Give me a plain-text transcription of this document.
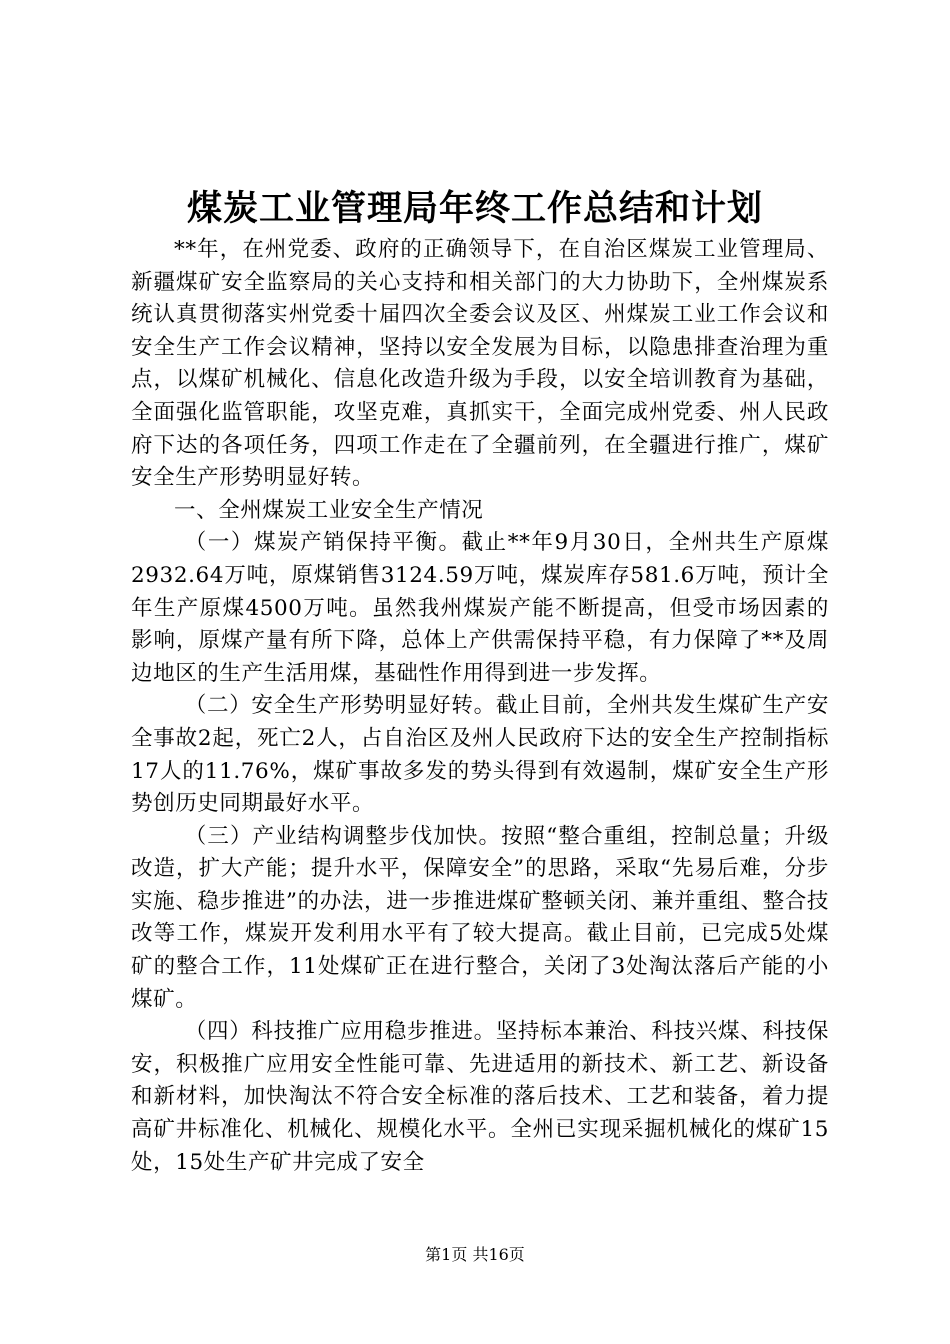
煤炭工业管理局年终工作总结和计划

**年，在州党委、政府的正确领导下，在自治区煤炭工业管理局、新疆煤矿安全监察局的关心支持和相关部门的大力协助下，全州煤炭系统认真贯彻落实州党委十届四次全委会议及区、州煤炭工业工作会议和安全生产工作会议精神，坚持以安全发展为目标，以隐患排查治理为重点，以煤矿机械化、信息化改造升级为手段，以安全培训教育为基础，全面强化监管职能，攻坚克难，真抓实干，全面完成州党委、州人民政府下达的各项任务，四项工作走在了全疆前列，在全疆进行推广，煤矿安全生产形势明显好转。

一、全州煤炭工业安全生产情况

（一）煤炭产销保持平衡。截止**年9月30日，全州共生产原煤2932.64万吨，原煤销售3124.59万吨，煤炭库存581.6万吨，预计全年生产原煤4500万吨。虽然我州煤炭产能不断提高，但受市场因素的影响，原煤产量有所下降，总体上产供需保持平稳，有力保障了**及周边地区的生产生活用煤，基础性作用得到进一步发挥。

（二）安全生产形势明显好转。截止目前，全州共发生煤矿生产安全事故2起，死亡2人，占自治区及州人民政府下达的安全生产控制指标17人的11.76%，煤矿事故多发的势头得到有效遏制，煤矿安全生产形势创历史同期最好水平。

（三）产业结构调整步伐加快。按照“整合重组，控制总量；升级改造，扩大产能；提升水平，保障安全”的思路，采取“先易后难，分步实施、稳步推进”的办法，进一步推进煤矿整顿关闭、兼并重组、整合技改等工作，煤炭开发利用水平有了较大提高。截止目前，已完成5处煤矿的整合工作，11处煤矿正在进行整合，关闭了3处淘汰落后产能的小煤矿。

（四）科技推广应用稳步推进。坚持标本兼治、科技兴煤、科技保安，积极推广应用安全性能可靠、先进适用的新技术、新工艺、新设备和新材料，加快淘汰不符合安全标准的落后技术、工艺和装备，着力提高矿井标准化、机械化、规模化水平。全州已实现采掘机械化的煤矿15处，15处生产矿井完成了安全

第1页 共16页
